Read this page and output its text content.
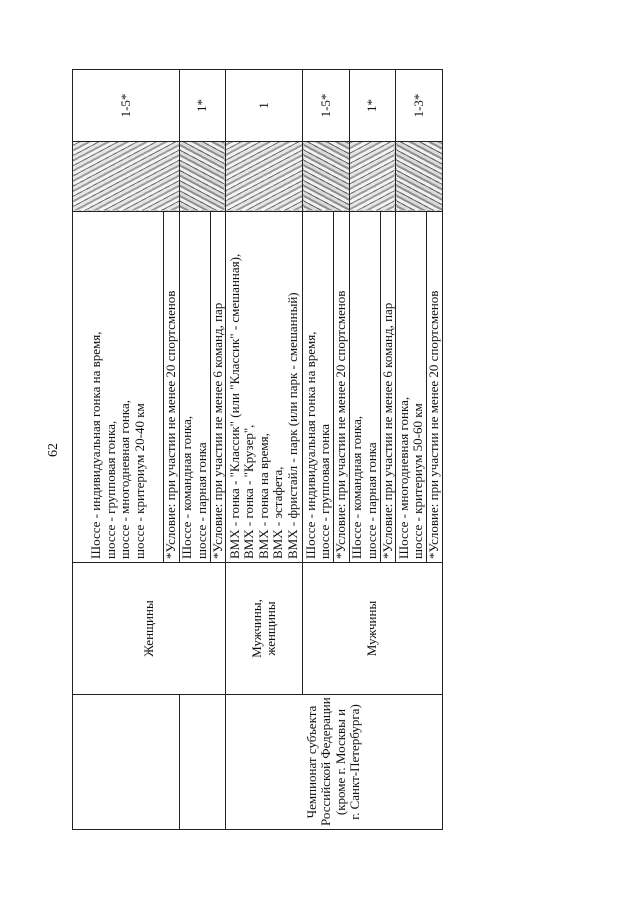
62

	Женщины	Шоссе - индивидуальная гонка на время, шоссе - групповая гонка, шоссе - многодневная гонка, шоссе - критериум 20-40 км		1-5*
		*Условие: при участии не менее 20 спортсменов		

		Шоссе - командная гонка, шоссе - парная гонка		1*
		*Условие: при участии не менее 6 команд, пар		

Чемпионат субъекта Российской Федерации (кроме г. Москвы и г. Санкт-Петербурга)	Мужчины, женщины	BMX - гонка - "Классик" (или "Классик" - смешанная), BMX - гонка - "Крузер", BMX - гонка на время, BMX - эстафета, BMX - фристайл - парк (или парк - смешанный)		1

	Мужчины	Шоссе - индивидуальная гонка на время, шоссе - групповая гонка		1-5*
		*Условие: при участии не менее 20 спортсменов		

		Шоссе - командная гонка, шоссе - парная гонка		1*
		*Условие: при участии не менее 6 команд, пар		

		Шоссе - многодневная гонка, шоссе - критериум 50-60 км		1-3*
		*Условие: при участии не менее 20 спортсменов		
